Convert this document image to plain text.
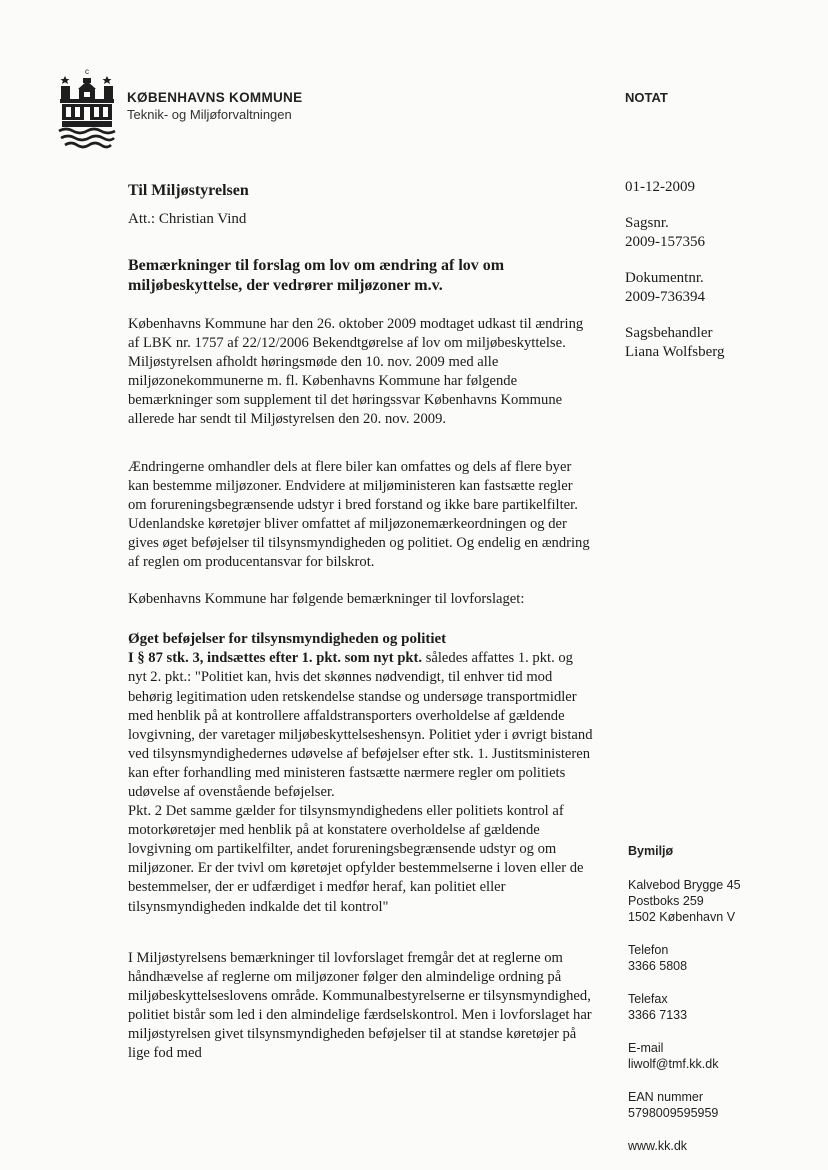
c
KØBENHAVNS KOMMUNE
Teknik- og Miljøforvaltningen
NOTAT
Til Miljøstyrelsen
Att.: Christian Vind
Bemærkninger til forslag om lov om ændring af lov om miljøbeskyttelse, der vedrører miljøzoner m.v.

Københavns Kommune har den 26. oktober 2009 modtaget udkast til ændring af LBK nr. 1757 af 22/12/2006 Bekendtgørelse af lov om miljøbeskyttelse. Miljøstyrelsen afholdt høringsmøde den 10. nov. 2009 med alle miljøzonekommunerne m. fl. Københavns Kommune har følgende bemærkninger som supplement til det høringssvar Københavns Kommune allerede har sendt til Miljøstyrelsen den 20. nov. 2009.

Ændringerne omhandler dels at flere biler kan omfattes og dels af flere byer kan bestemme miljøzoner. Endvidere at miljøministeren kan fastsætte regler om forureningsbegrænsende udstyr i bred forstand og ikke bare partikelfilter.

Udenlandske køretøjer bliver omfattet af miljøzonemærkeordningen og der gives øget beføjelser til tilsynsmyndigheden og politiet. Og endelig en ændring af reglen om producentansvar for bilskrot.

Københavns Kommune har følgende bemærkninger til lovforslaget:

Øget beføjelser for tilsynsmyndigheden og politiet

I § 87 stk. 3, indsættes efter 1. pkt. som nyt pkt. således affattes 1. pkt. og nyt 2. pkt.: "Politiet kan, hvis det skønnes nødvendigt, til enhver tid mod behørig legitimation uden retskendelse standse og undersøge transportmidler med henblik på at kontrollere affaldstransporters overholdelse af gældende lovgivning, der varetager miljøbeskyttelseshensyn. Politiet yder i øvrigt bistand ved tilsynsmyndighedernes udøvelse af beføjelser efter stk. 1. Justitsministeren kan efter forhandling med ministeren fastsætte nærmere regler om politiets udøvelse af ovenstående beføjelser.

Pkt. 2 Det samme gælder for tilsynsmyndighedens eller politiets kontrol af motorkøretøjer med henblik på at konstatere overholdelse af gældende lovgivning om partikelfilter, andet forureningsbegrænsende udstyr og om miljøzoner. Er der tvivl om køretøjet opfylder bestemmelserne i loven eller de bestemmelser, der er udfærdiget i medfør heraf, kan politiet eller tilsynsmyndigheden indkalde det til kontrol"

I Miljøstyrelsens bemærkninger til lovforslaget fremgår det at reglerne om håndhævelse af reglerne om miljøzoner følger den almindelige ordning på miljøbeskyttelseslovens område. Kommunalbestyrelserne er tilsynsmyndighed, politiet bistår som led i den almindelige færdselskontrol. Men i lovforslaget har miljøstyrelsen givet tilsynsmyndigheden beføjelser til at standse køretøjer på lige fod med

01-12-2009
Sagsnr.
2009-157356
Dokumentnr.
2009-736394
Sagsbehandler
Liana Wolfsberg
Bymiljø
Kalvebod Brygge 45
Postboks 259
1502 København V
Telefon
3366 5808
Telefax
3366 7133
E-mail
liwolf@tmf.kk.dk
EAN nummer
5798009595959
www.kk.dk
